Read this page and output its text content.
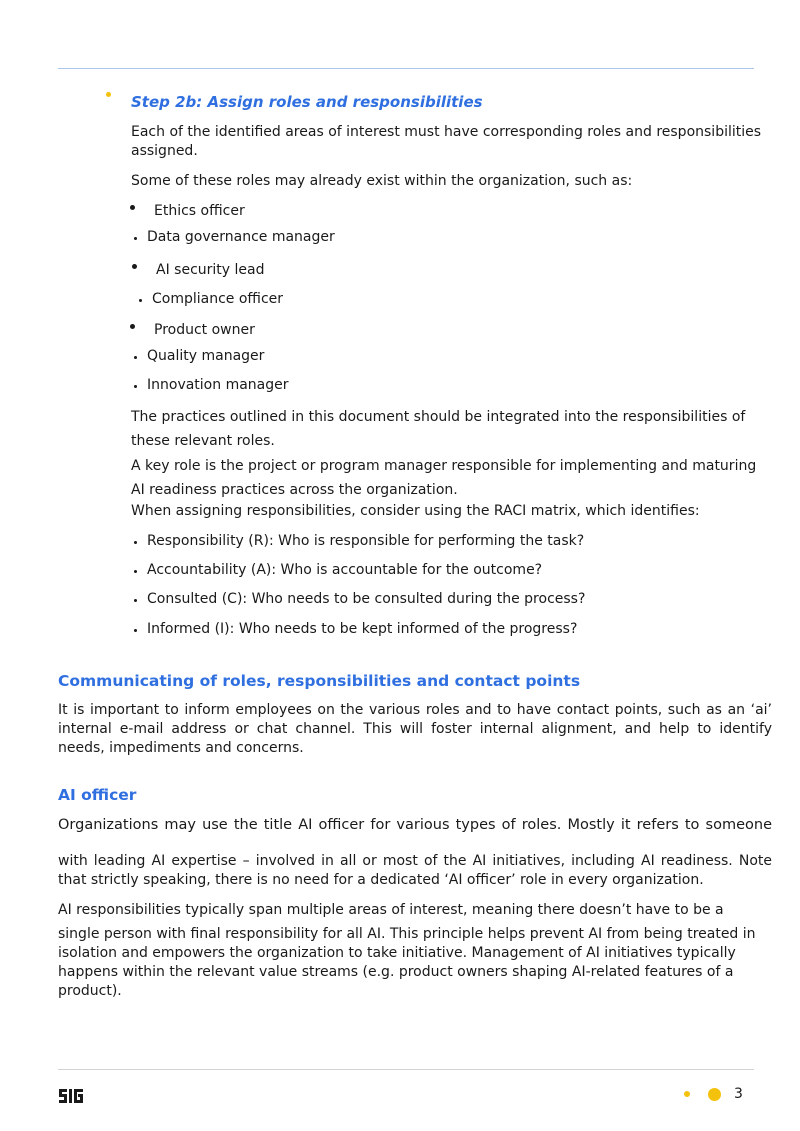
Step 2b: Assign roles and responsibilities

Each of the identified areas of interest must have corresponding roles and responsibilities assigned.

Some of these roles may already exist within the organization, such as:

Ethics officer

Data governance manager

AI security lead

Compliance officer

Product owner

Quality manager

Innovation manager

The practices outlined in this document should be integrated into the responsibilities of these relevant roles.

A key role is the project or program manager responsible for implementing and maturing AI readiness practices across the organization.

When assigning responsibilities, consider using the RACI matrix, which identifies:

Responsibility (R): Who is responsible for performing the task?

Accountability (A): Who is accountable for the outcome?

Consulted (C): Who needs to be consulted during the process?

Informed (I): Who needs to be kept informed of the progress?

Communicating of roles, responsibilities and contact points

It is important to inform employees on the various roles and to have contact points, such as an ‘ai’ internal e-mail address or chat channel. This will foster internal alignment, and help to identify needs, impediments and concerns.

AI officer

Organizations may use the title AI officer for various types of roles. Mostly it refers to someone

with leading AI expertise – involved in all or most of the AI initiatives, including AI readiness. Note that strictly speaking, there is no need for a dedicated ‘AI officer’ role in every organization.

AI responsibilities typically span multiple areas of interest, meaning there doesn’t have to be a

single person with final responsibility for all AI. This principle helps prevent AI from being treated in isolation and empowers the organization to take initiative. Management of AI initiatives typically happens within the relevant value streams (e.g. product owners shaping AI-related features of a product).

3
